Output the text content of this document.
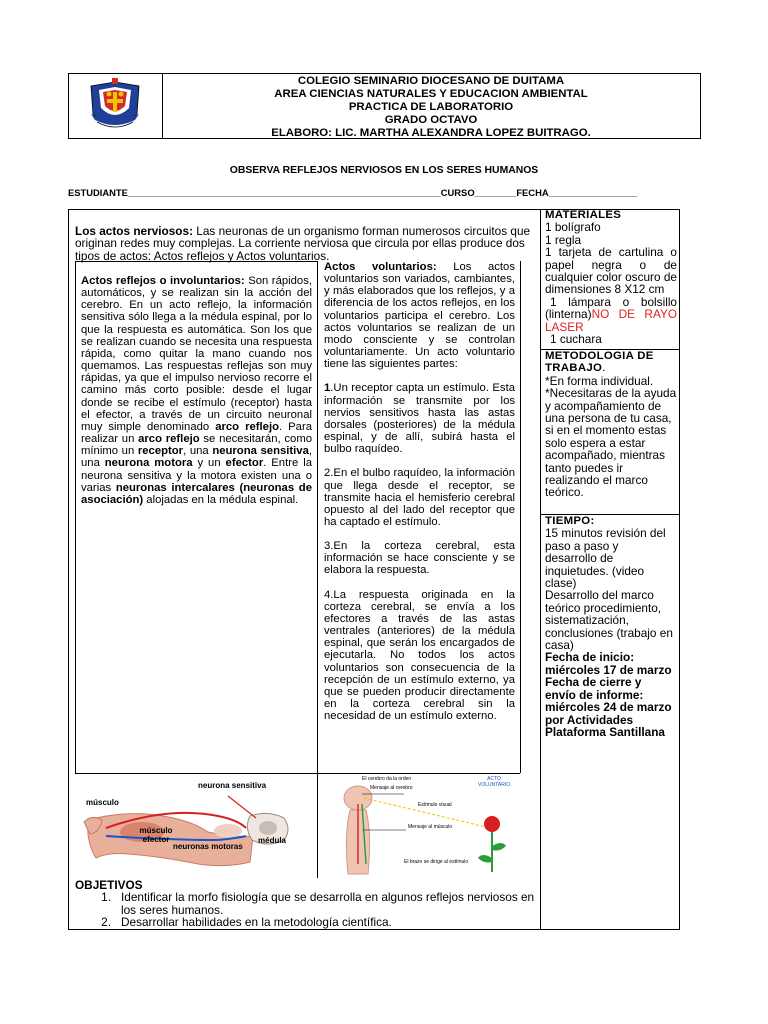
COLEGIO SEMINARIO DIOCESANO DE DUITAMA
AREA CIENCIAS NATURALES Y EDUCACION AMBIENTAL
PRACTICA DE LABORATORIO
GRADO OCTAVO
ELABORO: LIC. MARTHA ALEXANDRA LOPEZ BUITRAGO.
OBSERVA REFLEJOS NERVIOSOS EN LOS SERES HUMANOS
ESTUDIANTE____________________________________________________________CURSO________FECHA_________________
Los actos nerviosos: Las neuronas de un organismo forman numerosos circuitos que originan redes muy complejas. La corriente nerviosa que circula por ellas produce dos tipos de actos: Actos reflejos y Actos voluntarios.
Actos reflejos o involuntarios: Son rápidos, automáticos, y se realizan sin la acción del cerebro. En un acto reflejo, la información sensitiva sólo llega a la médula espinal, por lo que la respuesta es automática. Son los que se realizan cuando se necesita una respuesta rápida, como quitar la mano cuando nos quemamos. Las respuestas reflejas son muy rápidas, ya que el impulso nervioso recorre el camino más corto posible: desde el lugar donde se recibe el estímulo (receptor) hasta el efector, a través de un circuito neuronal muy simple denominado arco reflejo. Para realizar un arco reflejo se necesitarán, como mínimo un receptor, una neurona sensitiva, una neurona motora y un efector. Entre la neurona sensitiva y la motora existen una o varias neuronas intercalares (neuronas de asociación) alojadas en la médula espinal.
Actos voluntarios: Los actos voluntarios son variados, cambiantes, y más elaborados que los reflejos, y a diferencia de los actos reflejos, en los voluntarios participa el cerebro. Los actos voluntarios se realizan de un modo consciente y se controlan voluntariamente. Un acto voluntario tiene las siguientes partes:
1.Un receptor capta un estímulo. Esta información se transmite por los nervios sensitivos hasta las astas dorsales (posteriores) de la médula espinal, y de allí, subirá hasta el bulbo raquídeo.
2.En el bulbo raquídeo, la información que llega desde el receptor, se transmite hacia el hemisferio cerebral opuesto al del lado del receptor que ha captado el estímulo.
3.En la corteza cerebral, esta información se hace consciente y se elabora la respuesta.
4.La respuesta originada en la corteza cerebral, se envía a los efectores a través de las astas ventrales (anteriores) de la médula espinal, que serán los encargados de ejecutarla. No todos los actos voluntarios son consecuencia de la recepción de un estímulo externo, ya que se pueden producir directamente en la corteza cerebral sin la necesidad de un estímulo externo.
MATERIALES
1 bolígrafo
1 regla
1 tarjeta de cartulina o papel negra o de cualquier color oscuro de dimensiones 8 X12 cm
1 lámpara o bolsillo (linterna)NO DE RAYO LASER
1 cuchara
METODOLOGIA DE TRABAJO.
*En forma individual.
*Necesitaras de la ayuda y acompañamiento de una persona de tu casa, si en el momento estas solo espera a estar acompañado, mientras tanto puedes ir realizando el marco teórico.
TIEMPO:
15 minutos revisión del paso a paso y desarrollo de inquietudes. (video clase)
Desarrollo del marco teórico procedimiento, sistematización, conclusiones (trabajo en casa)
Fecha de inicio: miércoles 17 de marzo
Fecha de cierre y envío de informe: miércoles 24 de marzo por Actividades Plataforma Santillana
neurona sensitiva
músculo
músculo efector
neuronas motoras
médula
El cerebro da la orden	ACTO VOLUNTARIO
Mensaje al cerebro
Estímulo visual
Mensaje al músculo
El brazo se dirige al estímulo
OBJETIVOS
1. Identificar la morfo fisiología que se desarrolla en algunos reflejos nerviosos en los seres humanos.
2. Desarrollar habilidades en la metodología científica.
